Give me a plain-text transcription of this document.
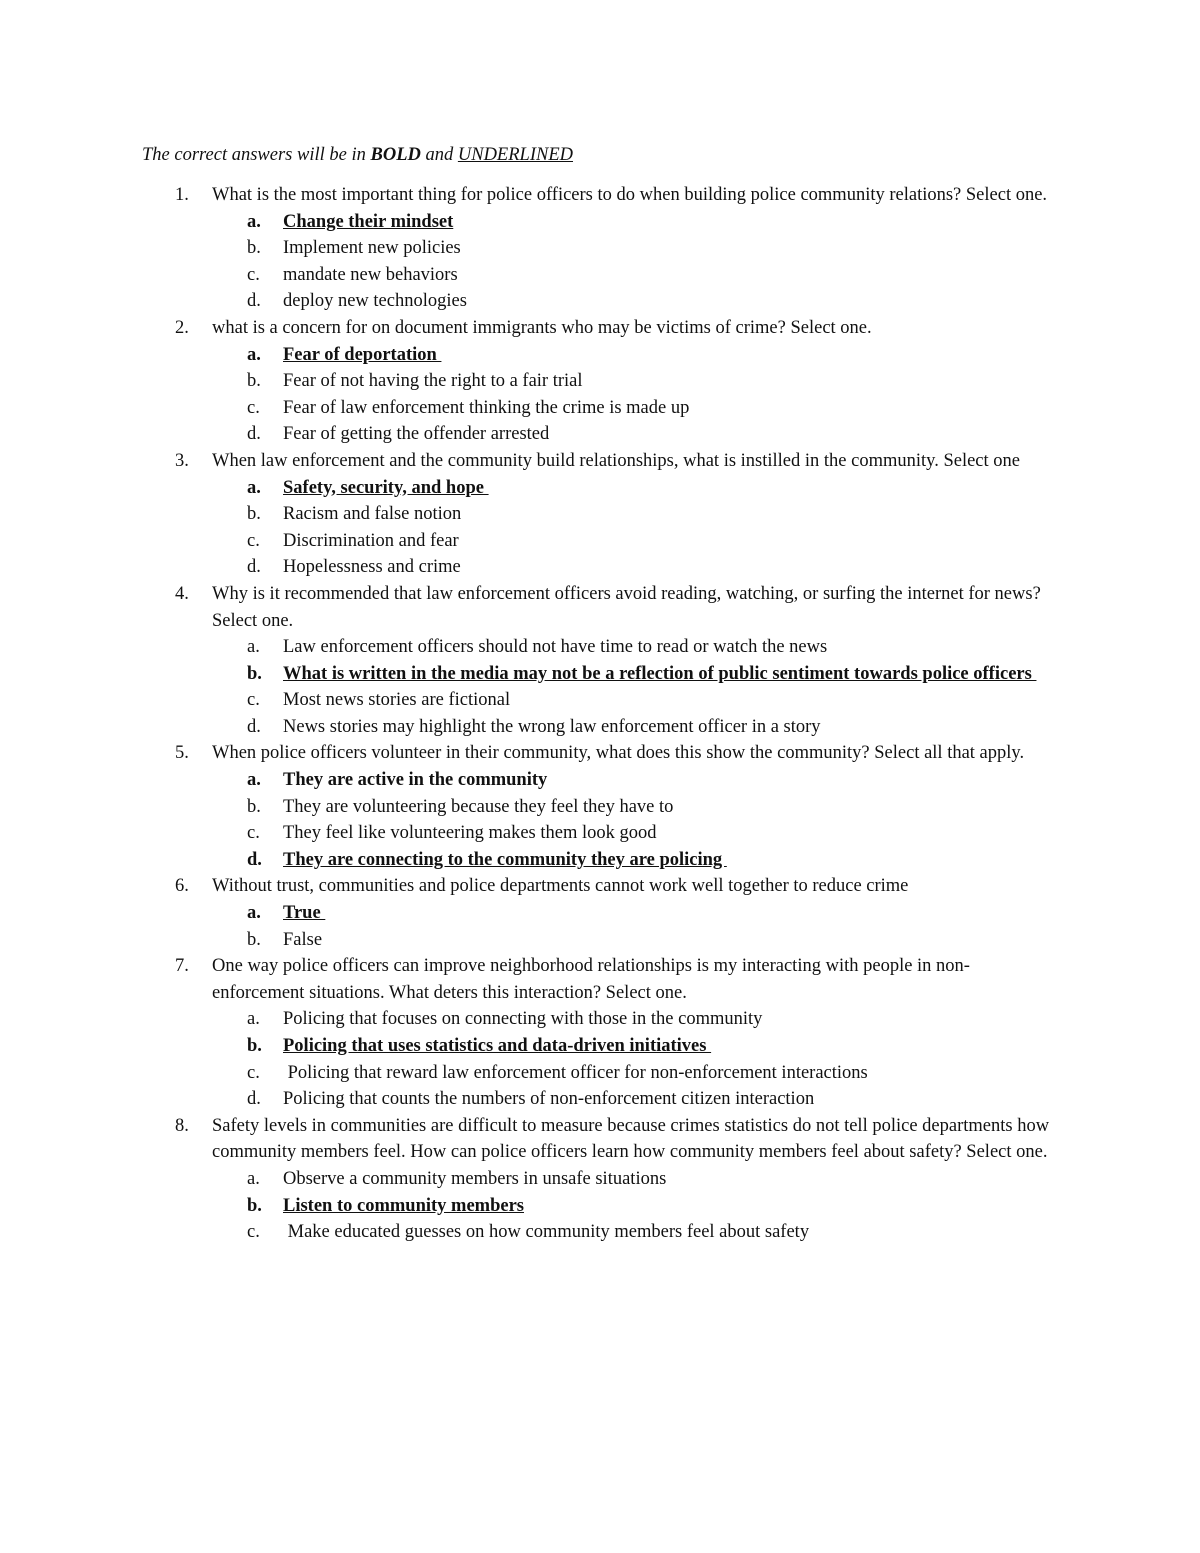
The correct answers will be in BOLD and UNDERLINED
1. What is the most important thing for police officers to do when building police community relations? Select one.
a. Change their mindset
b. Implement new policies
c. mandate new behaviors
d. deploy new technologies
2. what is a concern for on document immigrants who may be victims of crime? Select one.
a. Fear of deportation
b. Fear of not having the right to a fair trial
c. Fear of law enforcement thinking the crime is made up
d. Fear of getting the offender arrested
3. When law enforcement and the community build relationships, what is instilled in the community. Select one
a. Safety, security, and hope
b. Racism and false notion
c. Discrimination and fear
d. Hopelessness and crime
4. Why is it recommended that law enforcement officers avoid reading, watching, or surfing the internet for news? Select one.
a. Law enforcement officers should not have time to read or watch the news
b. What is written in the media may not be a reflection of public sentiment towards police officers
c. Most news stories are fictional
d. News stories may highlight the wrong law enforcement officer in a story
5. When police officers volunteer in their community, what does this show the community? Select all that apply.
a. They are active in the community
b. They are volunteering because they feel they have to
c. They feel like volunteering makes them look good
d. They are connecting to the community they are policing
6. Without trust, communities and police departments cannot work well together to reduce crime
a. True
b. False
7. One way police officers can improve neighborhood relationships is my interacting with people in non-enforcement situations. What deters this interaction? Select one.
a. Policing that focuses on connecting with those in the community
b. Policing that uses statistics and data-driven initiatives
c. Policing that reward law enforcement officer for non-enforcement interactions
d. Policing that counts the numbers of non-enforcement citizen interaction
8. Safety levels in communities are difficult to measure because crimes statistics do not tell police departments how community members feel. How can police officers learn how community members feel about safety? Select one.
a. Observe a community members in unsafe situations
b. Listen to community members
c. Make educated guesses on how community members feel about safety
